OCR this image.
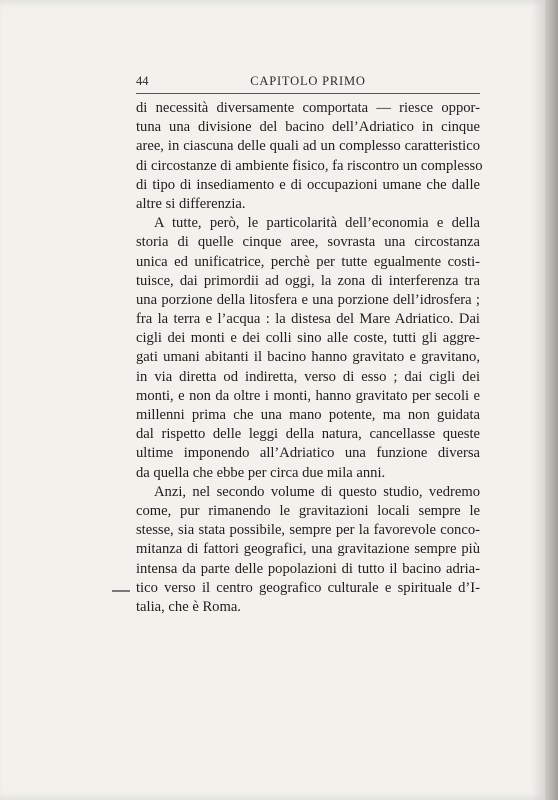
44	CAPITOLO PRIMO
di necessità diversamente comportata — riesce oppor-
tuna una divisione del bacino dell’Adriatico in cinque
aree, in ciascuna delle quali ad un complesso caratteristico
di circostanze di ambiente fisico, fa riscontro un complesso
di tipo di insediamento e di occupazioni umane che dalle
altre si differenzia.
A tutte, però, le particolarità dell’economia e della
storia di quelle cinque aree, sovrasta una circostanza
unica ed unificatrice, perchè per tutte egualmente costi-
tuisce, dai primordii ad oggi, la zona di interferenza tra
una porzione della litosfera e una porzione dell’idrosfera ;
fra la terra e l’acqua : la distesa del Mare Adriatico. Dai
cigli dei monti e dei colli sino alle coste, tutti gli aggre-
gati umani abitanti il bacino hanno gravitato e gravitano,
in via diretta od indiretta, verso di esso ; dai cigli dei
monti, e non da oltre i monti, hanno gravitato per secoli e
millenni prima che una mano potente, ma non guidata
dal rispetto delle leggi della natura, cancellasse queste
ultime imponendo all’Adriatico una funzione diversa
da quella che ebbe per circa due mila anni.
Anzi, nel secondo volume di questo studio, vedremo
come, pur rimanendo le gravitazioni locali sempre le
stesse, sia stata possibile, sempre per la favorevole conco-
mitanza di fattori geografici, una gravitazione sempre più
intensa da parte delle popolazioni di tutto il bacino adria-
tico verso il centro geografico culturale e spirituale d’I-
talia, che è Roma.
